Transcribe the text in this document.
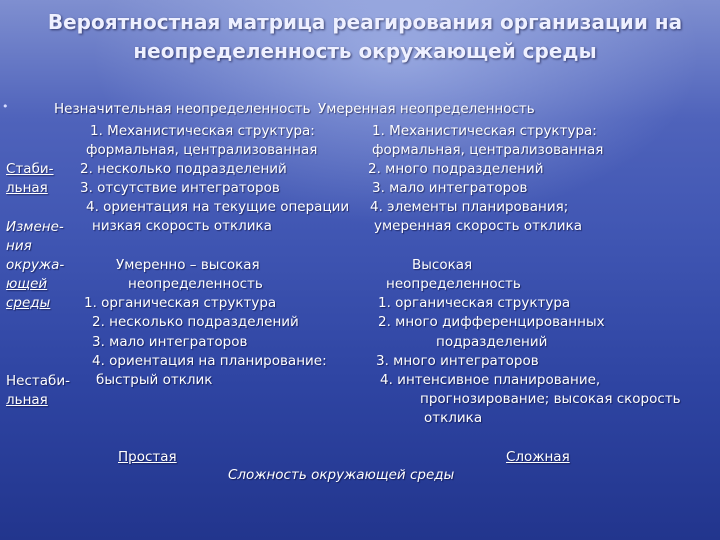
Вероятностная матрица реагирования организации на неопределенность окружающей среды
•	Незначительная неопределенность Умеренная неопределенность
Стаби-
льная
Измене-
ния
окружа-
ющей
среды
Нестаби-
льная
1. Механистическая структура:
формальная, централизованная
2. несколько подразделений
3. отсутствие интеграторов
4. ориентация на текущие операции
низкая скорость отклика
1. Механистическая структура:
формальная, централизованная
2. много подразделений
3. мало интеграторов
4. элементы планирования;
умеренная скорость отклика
Умеренно – высокая
неопределенность
1. органическая структура
2. несколько подразделений
3. мало интеграторов
4. ориентация на планирование:
быстрый отклик
Высокая
неопределенность
1. органическая структура
2. много дифференцированных
подразделений
3. много интеграторов
4. интенсивное планирование,
прогнозирование; высокая скорость
отклика
Простая
Сложность окружающей среды
Сложная
